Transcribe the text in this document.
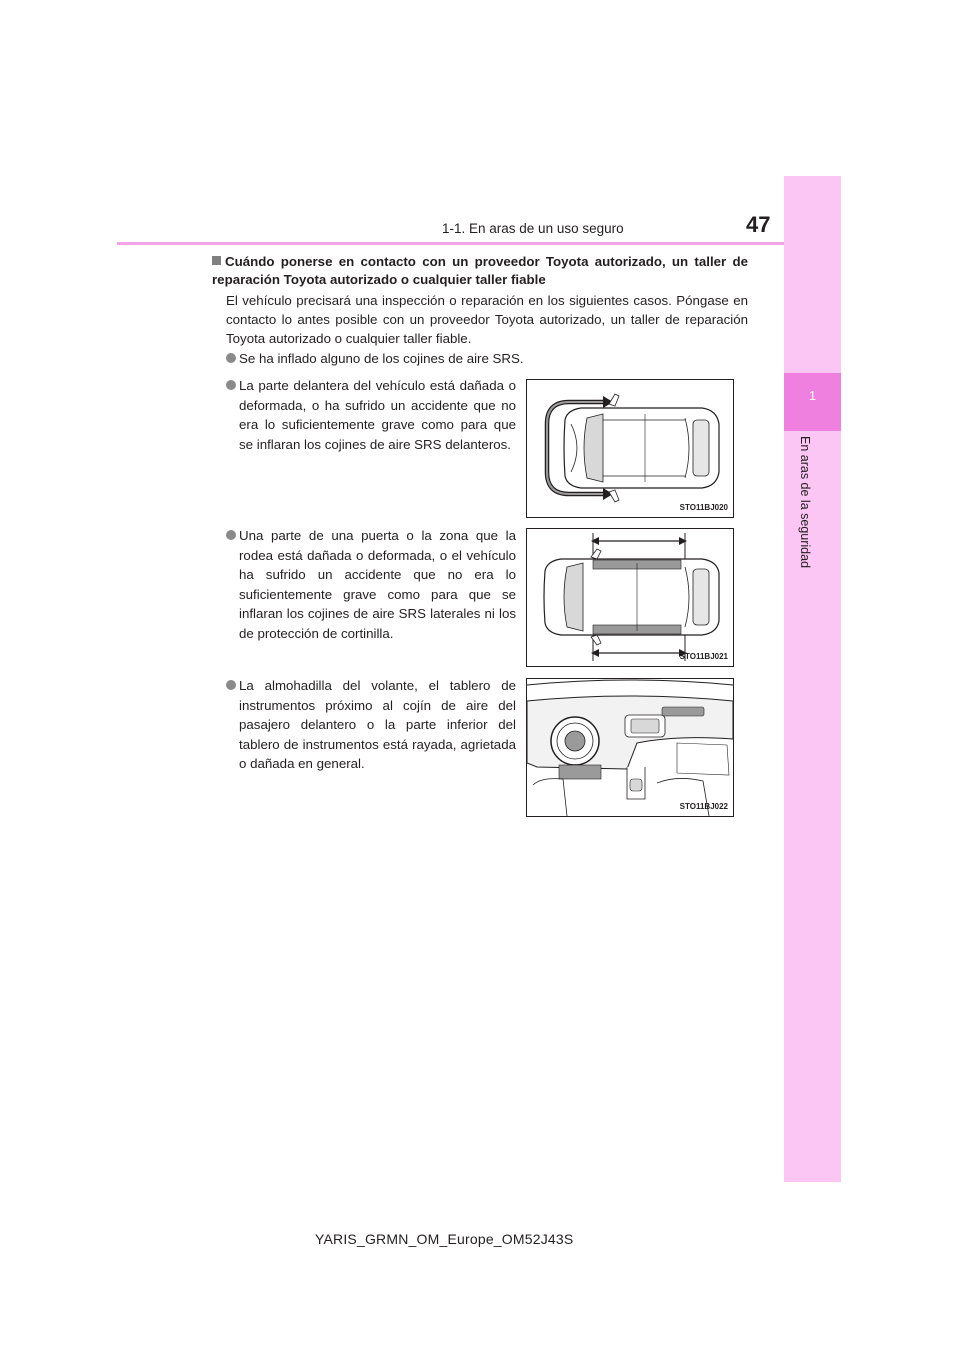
1
En aras de la seguridad
1-1. En aras de un uso seguro	47
Cuándo ponerse en contacto con un proveedor Toyota autorizado, un taller de reparación Toyota autorizado o cualquier taller fiable
El vehículo precisará una inspección o reparación en los siguientes casos. Póngase en contacto lo antes posible con un proveedor Toyota autorizado, un taller de reparación Toyota autorizado o cualquier taller fiable.
Se ha inflado alguno de los cojines de aire SRS.
La parte delantera del vehículo está dañada o deformada, o ha sufrido un accidente que no era lo suficientemente grave como para que se inflaran los cojines de aire SRS delanteros.
Una parte de una puerta o la zona que la rodea está dañada o deformada, o el vehículo ha sufrido un accidente que no era lo suficientemente grave como para que se inflaran los cojines de aire SRS laterales ni los de protección de cortinilla.
La almohadilla del volante, el tablero de instrumentos próximo al cojín de aire del pasajero delantero o la parte inferior del tablero de instrumentos está rayada, agrietada o dañada en general.
STO11BJ020
STO11BJ021
STO11BJ022
YARIS_GRMN_OM_Europe_OM52J43S
